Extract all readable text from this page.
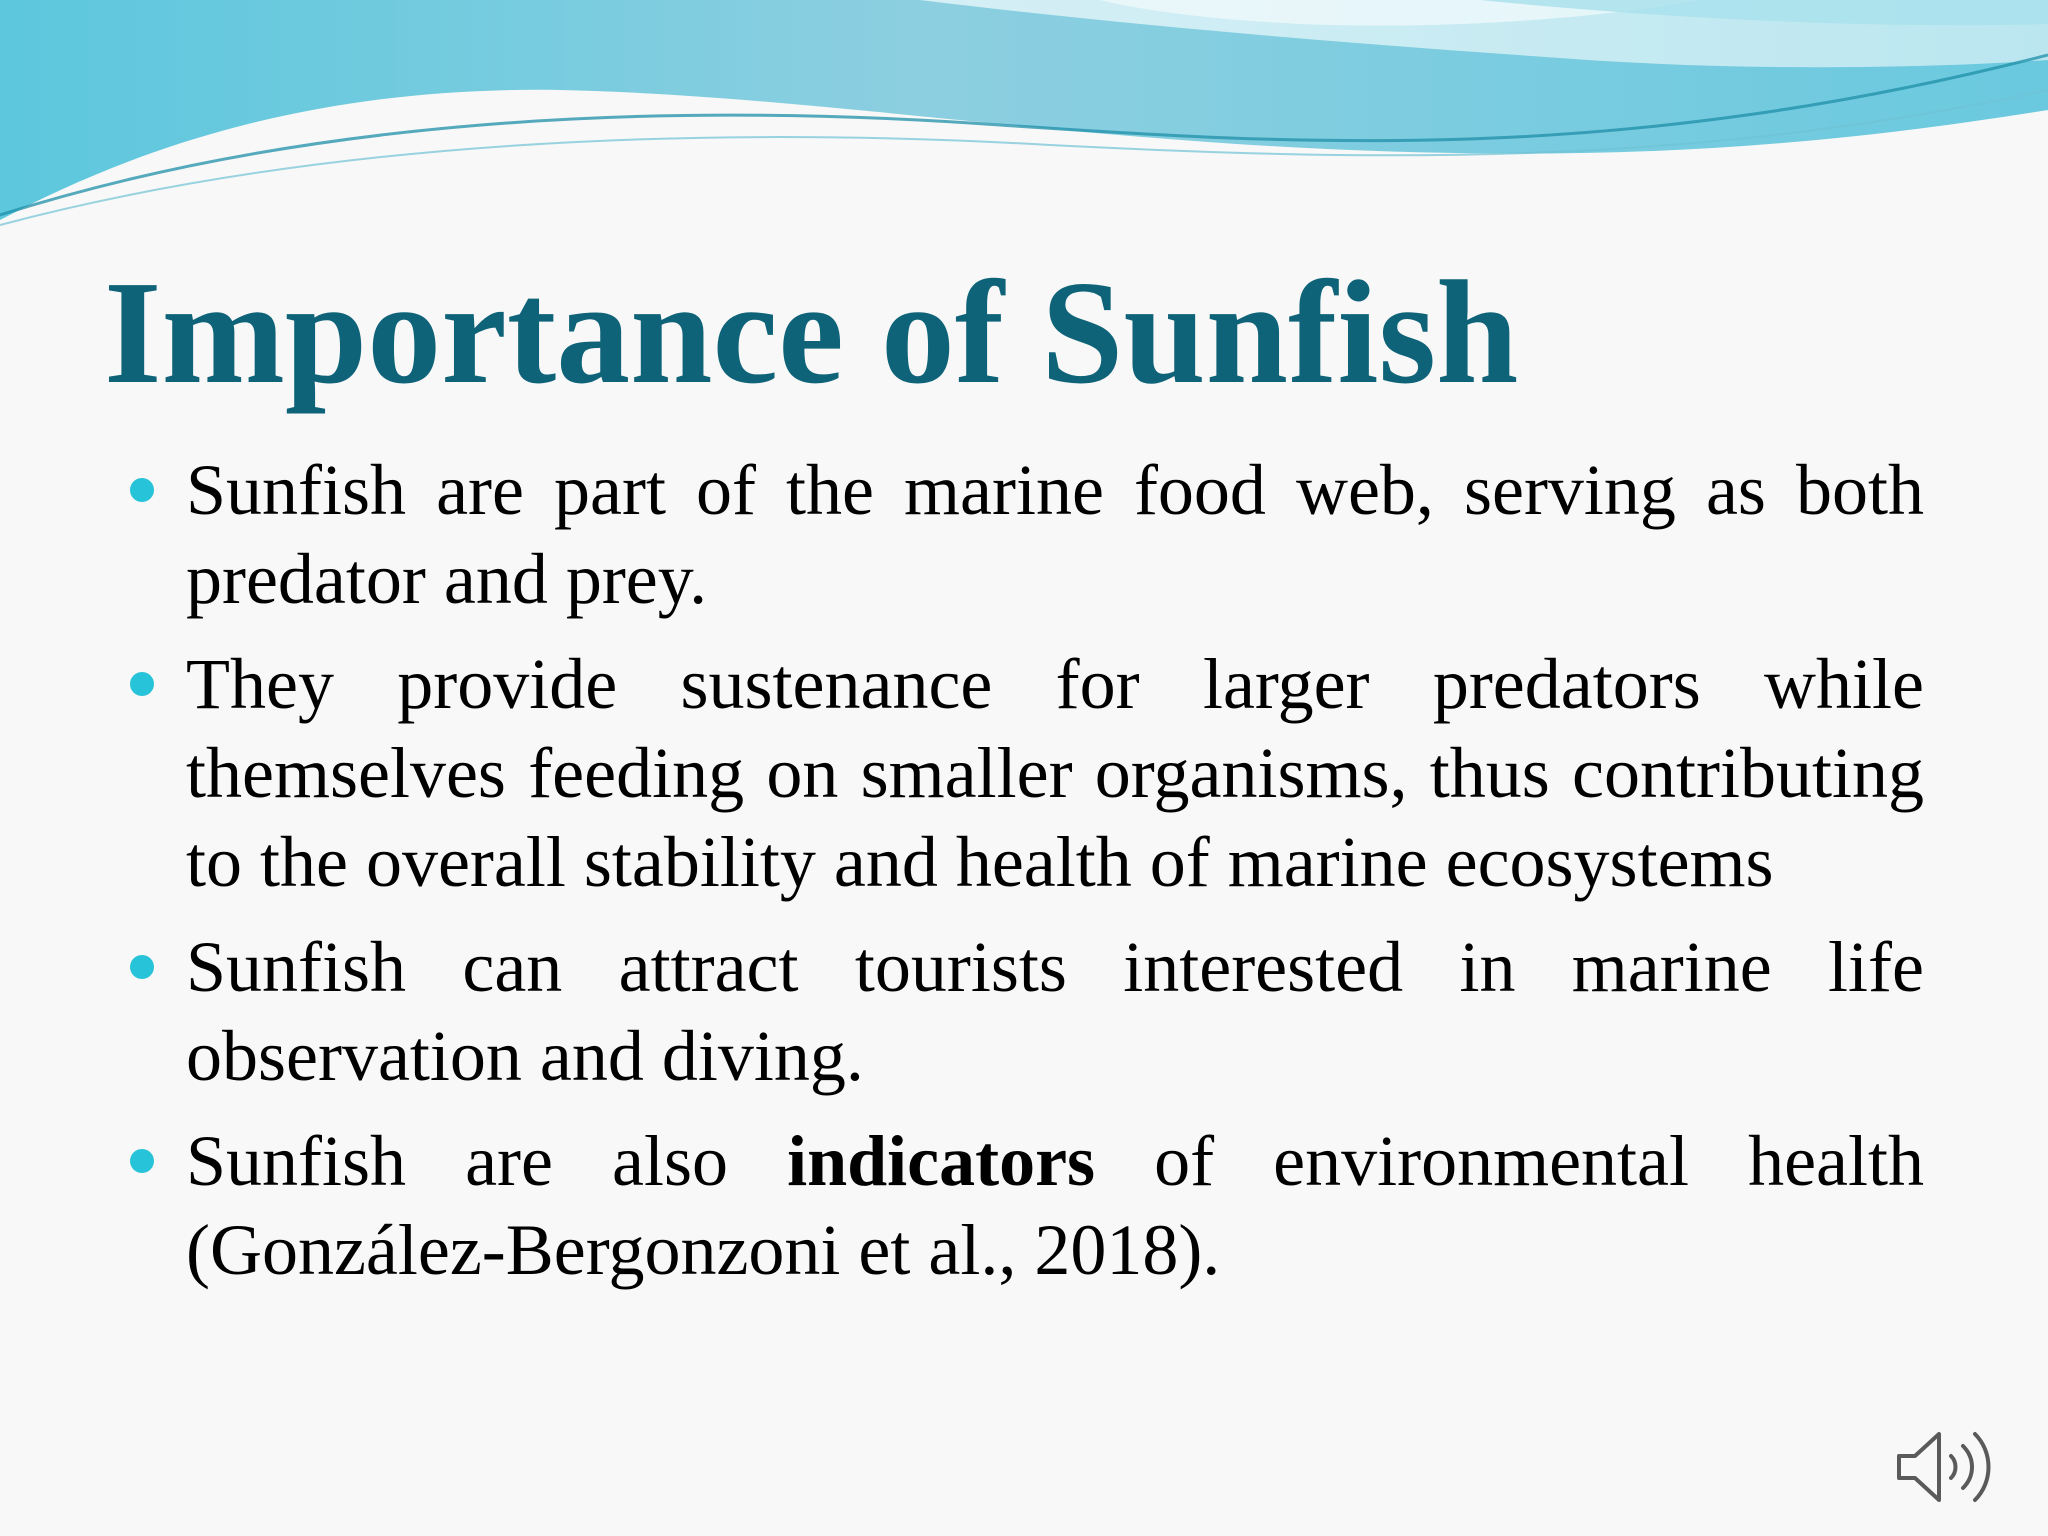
Importance of Sunfish
Sunfish are part of the marine food web, serving as both predator and prey.
They provide sustenance for larger predators while themselves feeding on smaller organisms, thus contributing to the overall stability and health of marine ecosystems
Sunfish can attract tourists interested in marine life observation and diving.
Sunfish are also indicators of environmental health (González-Bergonzoni et al., 2018).
